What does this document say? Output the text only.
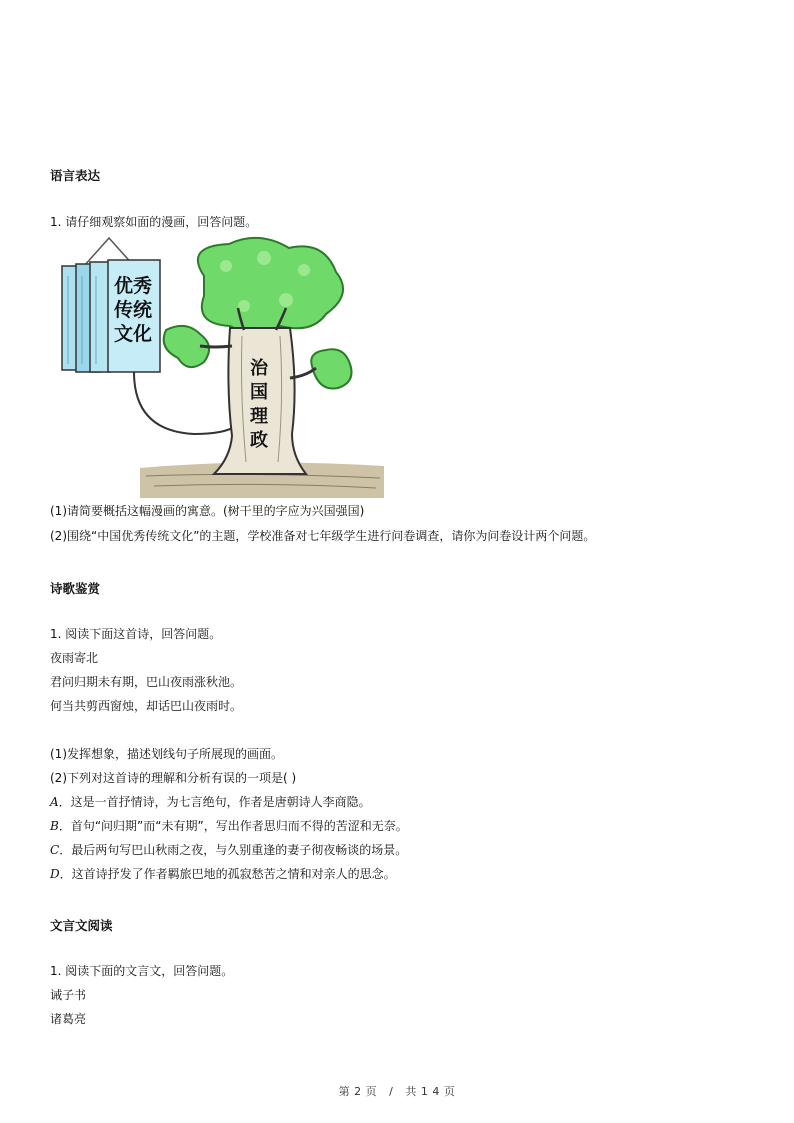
语言表达
1. 请仔细观察如面的漫画，回答问题。
优秀
传统
文化
治
国
理
政
(1)请简要概括这幅漫画的寓意。(树干里的字应为兴国强国)
(2)围绕“中国优秀传统文化”的主题，学校准备对七年级学生进行问卷调查，请你为问卷设计两个问题。
诗歌鉴赏
1. 阅读下面这首诗，回答问题。
夜雨寄北
君问归期未有期，巴山夜雨涨秋池。
何当共剪西窗烛，却话巴山夜雨时。
(1)发挥想象，描述划线句子所展现的画面。
(2)下列对这首诗的理解和分析有误的一项是( )
A．这是一首抒情诗，为七言绝句，作者是唐朝诗人李商隐。
B．首句“问归期”而“未有期”，写出作者思归而不得的苦涩和无奈。
C．最后两句写巴山秋雨之夜，与久别重逢的妻子彻夜畅谈的场景。
D．这首诗抒发了作者羁旅巴地的孤寂愁苦之情和对亲人的思念。
文言文阅读
1. 阅读下面的文言文，回答问题。
诫子书
诸葛亮
第 2 页   /   共 1 4 页
